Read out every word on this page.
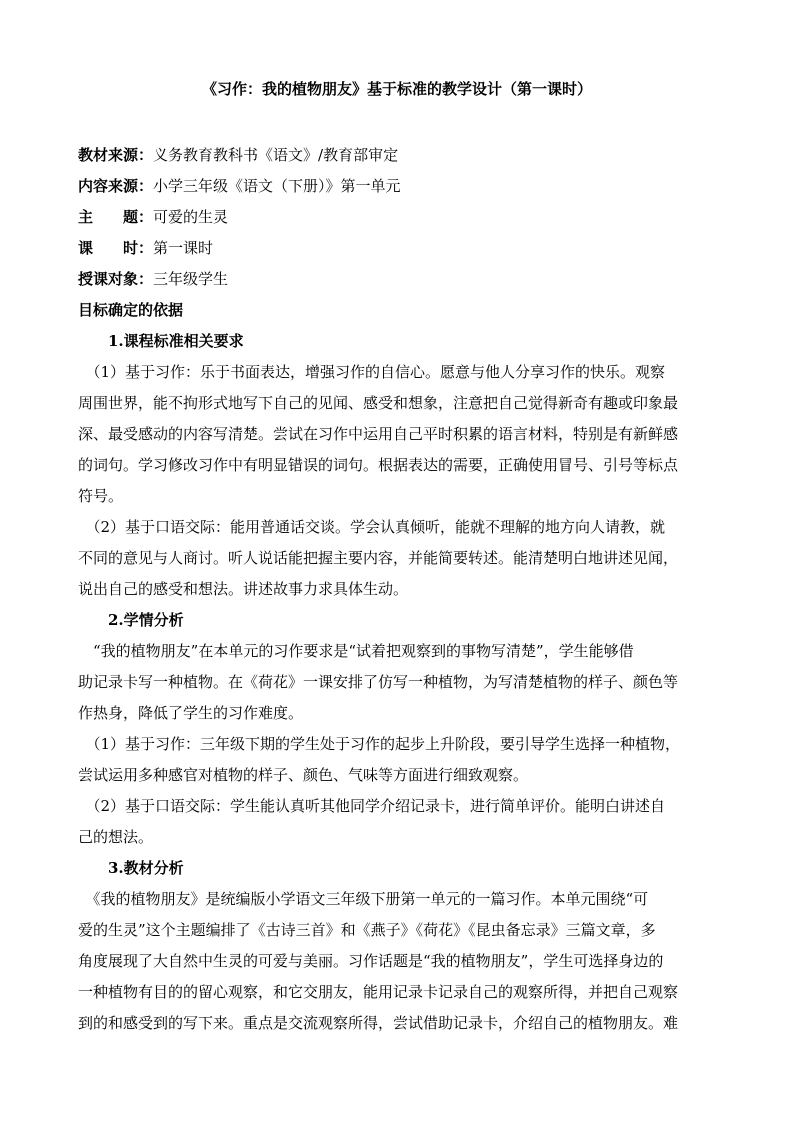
《习作：我的植物朋友》基于标准的教学设计（第一课时）
教材来源：义务教育教科书《语文》/教育部审定
内容来源：小学三年级《语文（下册）》第一单元
主　　题：可爱的生灵
课　　时：第一课时
授课对象：三年级学生
目标确定的依据
1.课程标准相关要求
　（1）基于习作：乐于书面表达，增强习作的自信心。愿意与他人分享习作的快乐。观察
周围世界，能不拘形式地写下自己的见闻、感受和想象，注意把自己觉得新奇有趣或印象最
深、最受感动的内容写清楚。尝试在习作中运用自己平时积累的语言材料，特别是有新鲜感
的词句。学习修改习作中有明显错误的词句。根据表达的需要，正确使用冒号、引号等标点
符号。
　（2）基于口语交际：能用普通话交谈。学会认真倾听，能就不理解的地方向人请教，就
不同的意见与人商讨。听人说话能把握主要内容，并能简要转述。能清楚明白地讲述见闻，
说出自己的感受和想法。讲述故事力求具体生动。
2.学情分析
　“我的植物朋友”在本单元的习作要求是“试着把观察到的事物写清楚”，学生能够借
助记录卡写一种植物。在《荷花》一课安排了仿写一种植物，为写清楚植物的样子、颜色等
作热身，降低了学生的习作难度。
　（1）基于习作：三年级下期的学生处于习作的起步上升阶段，要引导学生选择一种植物，
尝试运用多种感官对植物的样子、颜色、气味等方面进行细致观察。
　（2）基于口语交际：学生能认真听其他同学介绍记录卡，进行简单评价。能明白讲述自
己的想法。
3.教材分析
　《我的植物朋友》是统编版小学语文三年级下册第一单元的一篇习作。本单元围绕“可
爱的生灵”这个主题编排了《古诗三首》和《燕子》《荷花》《昆虫备忘录》三篇文章，多
角度展现了大自然中生灵的可爱与美丽。习作话题是“我的植物朋友”，学生可选择身边的
一种植物有目的的留心观察，和它交朋友，能用记录卡记录自己的观察所得，并把自己观察
到的和感受到的写下来。重点是交流观察所得，尝试借助记录卡，介绍自己的植物朋友。难
